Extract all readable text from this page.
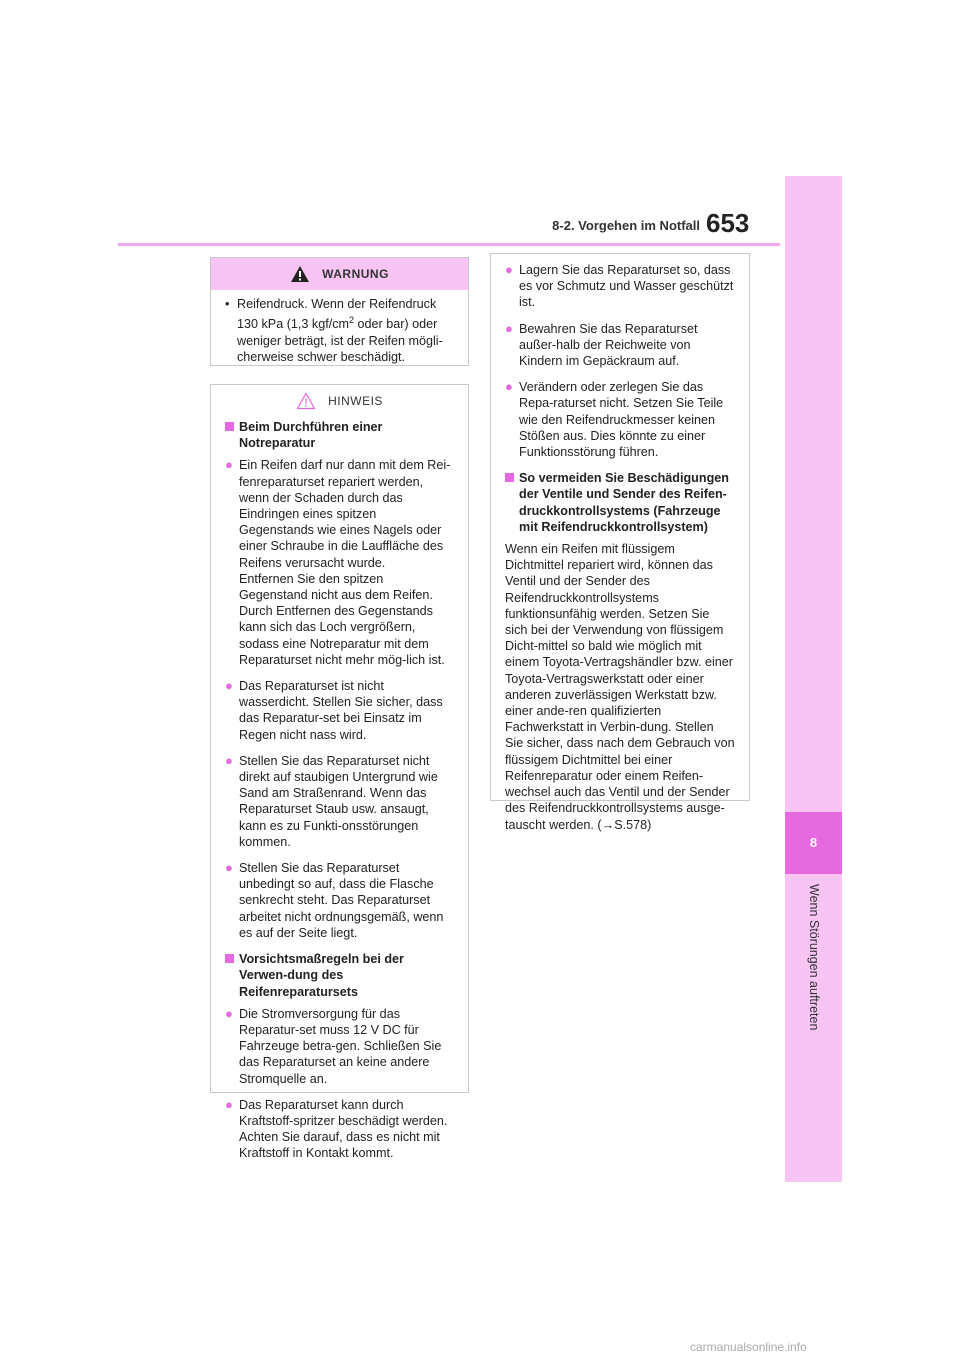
653
8-2. Vorgehen im Notfall
8
Wenn Störungen auftreten
WARNUNG
• Reifendruck. Wenn der Reifendruck
130 kPa (1,3 kgf/$cm^2$ oder bar) oder weniger beträgt, ist der Reifen mögli-cherweise schwer beschädigt.
HINWEIS
Beim Durchführen einer Notreparatur
● Ein Reifen darf nur dann mit dem Rei-fenreparaturset repariert werden, wenn der Schaden durch das Eindringen eines spitzen Gegenstands wie eines Nagels oder einer Schraube in die Lauffläche des Reifens verursacht wurde.
Entfernen Sie den spitzen Gegenstand nicht aus dem Reifen. Durch Entfernen des Gegenstands kann sich das Loch vergrößern, sodass eine Notreparatur mit dem Reparaturset nicht mehr mög-lich ist.
● Das Reparaturset ist nicht wasserdicht. Stellen Sie sicher, dass das Reparatur-set bei Einsatz im Regen nicht nass wird.
● Stellen Sie das Reparaturset nicht direkt auf staubigen Untergrund wie Sand am Straßenrand. Wenn das Reparaturset Staub usw. ansaugt, kann es zu Funkti-onsstörungen kommen.
● Stellen Sie das Reparaturset unbedingt so auf, dass die Flasche senkrecht steht. Das Reparaturset arbeitet nicht ordnungsgemäß, wenn es auf der Seite liegt.
Vorsichtsmaßregeln bei der Verwen-dung des Reifenreparatursets
● Die Stromversorgung für das Reparatur-set muss 12 V DC für Fahrzeuge betra-gen. Schließen Sie das Reparaturset an keine andere Stromquelle an.
● Das Reparaturset kann durch Kraftstoff-spritzer beschädigt werden. Achten Sie darauf, dass es nicht mit Kraftstoff in Kontakt kommt.
● Lagern Sie das Reparaturset so, dass es vor Schmutz und Wasser geschützt ist.
● Bewahren Sie das Reparaturset außer-halb der Reichweite von Kindern im Gepäckraum auf.
● Verändern oder zerlegen Sie das Repa-raturset nicht. Setzen Sie Teile wie den Reifendruckmesser keinen Stößen aus. Dies könnte zu einer Funktionsstörung führen.
So vermeiden Sie Beschädigungen der Ventile und Sender des Reifen-druckkontrollsystems (Fahrzeuge mit Reifendruckkontrollsystem)
Wenn ein Reifen mit flüssigem Dichtmittel repariert wird, können das Ventil und der Sender des Reifendruckkontrollsystems funktionsunfähig werden. Setzen Sie sich bei der Verwendung von flüssigem Dicht-mittel so bald wie möglich mit einem Toyota-Vertragshändler bzw. einer Toyota-Vertragswerkstatt oder einer anderen zuverlässigen Werkstatt bzw. einer ande-ren qualifizierten Fachwerkstatt in Verbin-dung. Stellen Sie sicher, dass nach dem Gebrauch von flüssigem Dichtmittel bei einer Reifenreparatur oder einem Reifen-wechsel auch das Ventil und der Sender des Reifendruckkontrollsystems ausge-tauscht werden. (→S.578)
carmanualsonline.info
